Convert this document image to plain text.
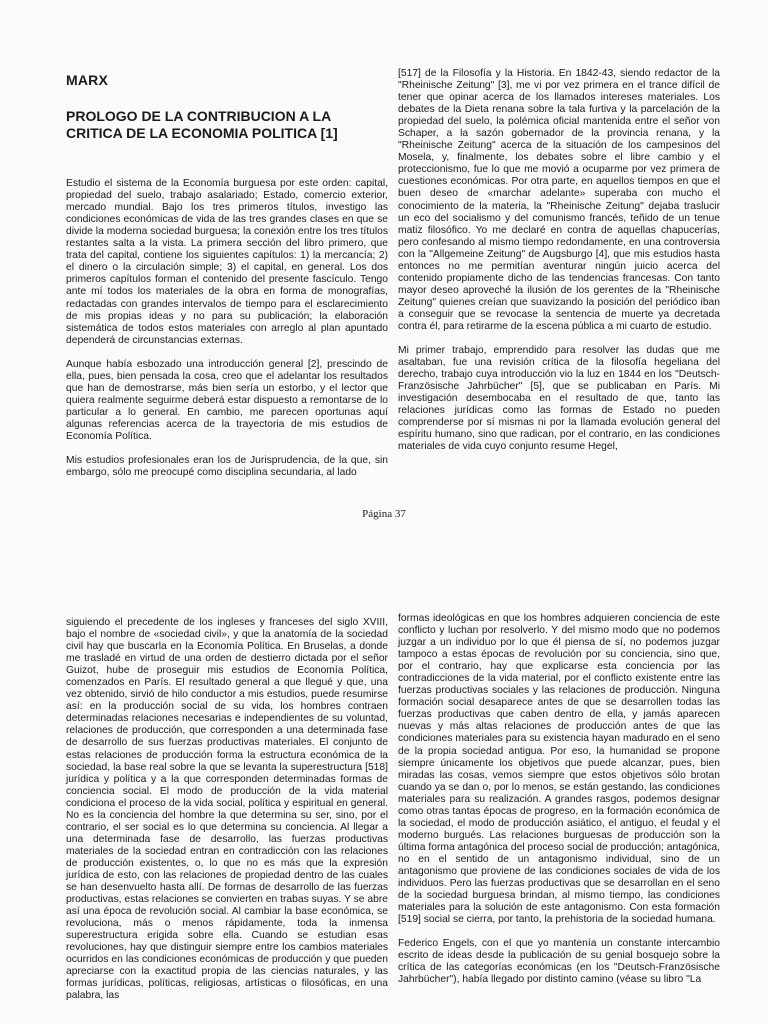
MARX
PROLOGO DE LA CONTRIBUCION A LA CRITICA DE LA ECONOMIA POLITICA [1]

Estudio el sistema de la Economía burguesa por este orden: capital, propiedad del suelo, trabajo asalariado; Estado, comercio exterior, mercado mundial. Bajo los tres primeros títulos, investigo las condiciones económicas de vida de las tres grandes clases en que se divide la moderna sociedad burguesa; la conexión entre los tres títulos restantes salta a la vista. La primera sección del libro primero, que trata del capital, contiene los siguientes capítulos: 1) la mercancía; 2) el dinero o la circulación simple; 3) el capital, en general. Los dos primeros capítulos forman el contenido del presente fascículo. Tengo ante mí todos los materiales de la obra en forma de monografías, redactadas con grandes intervalos de tiempo para el esclarecimiento de mis propias ideas y no para su publicación; la elaboración sistemática de todos estos materiales con arreglo al plan apuntado dependerá de circunstancias externas.

Aunque había esbozado una introducción general [2], prescindo de ella, pues, bien pensada la cosa, creo que el adelantar los resultados que han de demostrarse, más bien sería un estorbo, y el lector que quiera realmente seguirme deberá estar dispuesto a remontarse de lo particular a lo general. En cambio, me parecen oportunas aquí algunas referencias acerca de la trayectoria de mis estudios de Economía Política.

Mis estudios profesionales eran los de Jurisprudencia, de la que, sin embargo, sólo me preocupé como disciplina secundaria, al lado

[517] de la Filosofía y la Historia. En 1842-43, siendo redactor de la "Rheinische Zeitung" [3], me vi por vez primera en el trance difícil de tener que opinar acerca de los llamados intereses materiales. Los debates de la Dieta renana sobre la tala furtiva y la parcelación de la propiedad del suelo, la polémica oficial mantenida entre el señor von Schaper, a la sazón gobernador de la provincia renana, y la "Rheinische Zeitung" acerca de la situación de los campesinos del Mosela, y, finalmente, los debates sobre el libre cambio y el proteccionismo, fue lo que me movió a ocuparme por vez primera de cuestiones económicas. Por otra parte, en aquellos tiempos en que el buen deseo de «marchar adelante» superaba con mucho el conocimiento de la materia, la "Rheinische Zeitung" dejaba traslucir un eco del socialismo y del comunismo francés, teñido de un tenue matiz filosófico. Yo me declaré en contra de aquellas chapucerías, pero confesando al mismo tiempo redondamente, en una controversia con la "Allgemeine Zeitung" de Augsburgo [4], que mis estudios hasta entonces no me permitían aventurar ningún juicio acerca del contenido propiamente dicho de las tendencias francesas. Con tanto mayor deseo aproveché la ilusión de los gerentes de la "Rheinische Zeitung" quienes creían que suavizando la posición del periódico iban a conseguir que se revocase la sentencia de muerte ya decretada contra él, para retirarme de la escena pública a mi cuarto de estudio.

Mi primer trabajo, emprendido para resolver las dudas que me asaltaban, fue una revisión crítica de la filosofía hegeliana del derecho, trabajo cuya introducción vio la luz en 1844 en los "Deutsch-Französische Jahrbücher" [5], que se publicaban en París. Mi investigación desembocaba en el resultado de que, tanto las relaciones jurídicas como las formas de Estado no pueden comprenderse por sí mismas ni por la llamada evolución general del espíritu humano, sino que radican, por el contrario, en las condiciones materiales de vida cuyo conjunto resume Hegel,

Página 37

siguiendo el precedente de los ingleses y franceses del siglo XVIII, bajo el nombre de «sociedad civil», y que la anatomía de la sociedad civil hay que buscarla en la Economía Política. En Bruselas, a donde me trasladé en virtud de una orden de destierro dictada por el señor Guizot, hube de proseguir mis estudios de Economía Política, comenzados en París. El resultado general a que llegué y que, una vez obtenido, sirvió de hilo conductor a mis estudios, puede resumirse así: en la producción social de su vida, los hombres contraen determinadas relaciones necesarias e independientes de su voluntad, relaciones de producción, que corresponden a una determinada fase de desarrollo de sus fuerzas productivas materiales. El conjunto de estas relaciones de producción forma la estructura económica de la sociedad, la base real sobre la que se levanta la superestructura [518] jurídica y política y a la que corresponden determinadas formas de conciencia social. El modo de producción de la vida material condiciona el proceso de la vida social, política y espiritual en general. No es la conciencia del hombre la que determina su ser, sino, por el contrario, el ser social es lo que determina su conciencia. Al llegar a una determinada fase de desarrollo, las fuerzas productivas materiales de la sociedad entran en contradicción con las relaciones de producción existentes, o, lo que no es más que la expresión jurídica de esto, con las relaciones de propiedad dentro de las cuales se han desenvuelto hasta allí. De formas de desarrollo de las fuerzas productivas, estas relaciones se convierten en trabas suyas. Y se abre así una época de revolución social. Al cambiar la base económica, se revoluciona, más o menos rápidamente, toda la inmensa superestructura erigida sobre ella. Cuando se estudian esas revoluciones, hay que distinguir siempre entre los cambios materiales ocurridos en las condiciones económicas de producción y que pueden apreciarse con la exactitud propia de las ciencias naturales, y las formas jurídicas, políticas, religiosas, artísticas o filosóficas, en una palabra, las

formas ideológicas en que los hombres adquieren conciencia de este conflicto y luchan por resolverlo. Y del mismo modo que no podemos juzgar a un individuo por lo que él piensa de sí, no podemos juzgar tampoco a estas épocas de revolución por su conciencia, sino que, por el contrario, hay que explicarse esta conciencia por las contradicciones de la vida material, por el conflicto existente entre las fuerzas productivas sociales y las relaciones de producción. Ninguna formación social desaparece antes de que se desarrollen todas las fuerzas productivas que caben dentro de ella, y jamás aparecen nuevas y más altas relaciones de producción antes de que las condiciones materiales para su existencia hayan madurado en el seno de la propia sociedad antigua. Por eso, la humanidad se propone siempre únicamente los objetivos que puede alcanzar, pues, bien miradas las cosas, vemos siempre que estos objetivos sólo brotan cuando ya se dan o, por lo menos, se están gestando, las condiciones materiales para su realización. A grandes rasgos, podemos designar como otras tantas épocas de progreso, en la formación económica de la sociedad, el modo de producción asiático, el antiguo, el feudal y el moderno burgués. Las relaciones burguesas de producción son la última forma antagónica del proceso social de producción; antagónica, no en el sentido de un antagonismo individual, sino de un antagonismo que proviene de las condiciones sociales de vida de los individuos. Pero las fuerzas productivas que se desarrollan en el seno de la sociedad burguesa brindan, al mismo tiempo, las condiciones materiales para la solución de este antagonismo. Con esta formación [519] social se cierra, por tanto, la prehistoria de la sociedad humana.

Federico Engels, con el que yo mantenía un constante intercambio escrito de ideas desde la publicación de su genial bosquejo sobre la crítica de las categorías económicas (en los "Deutsch-Französische Jahrbücher"), había llegado por distinto camino (véase su libro "La
